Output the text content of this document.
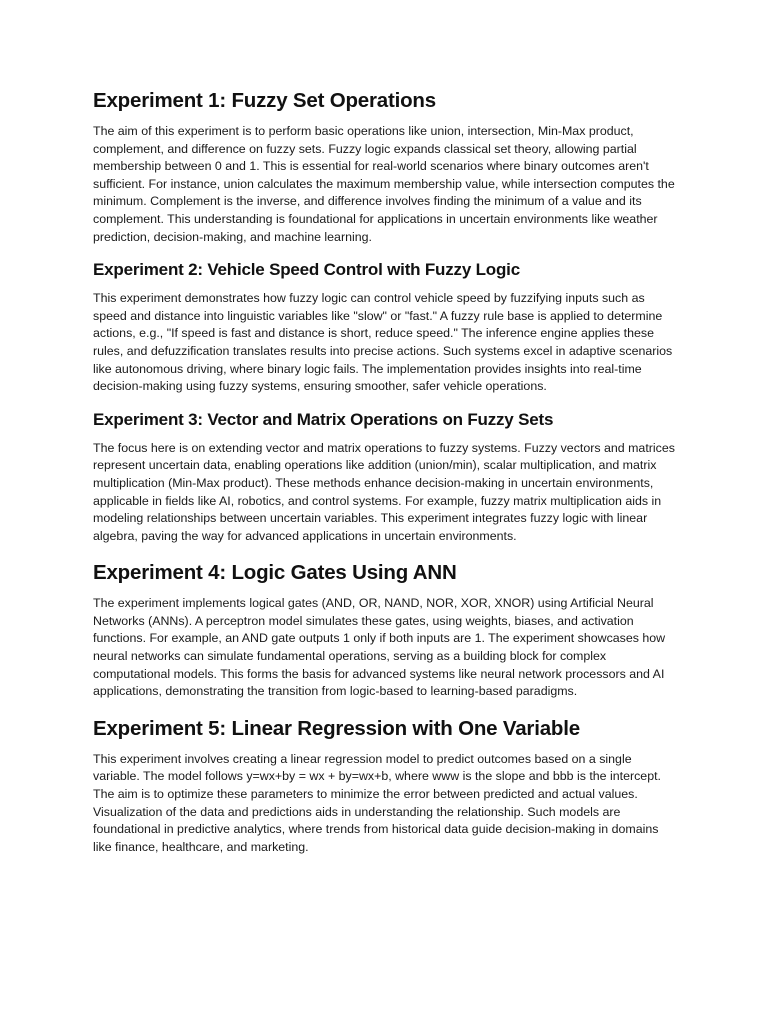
Experiment 1: Fuzzy Set Operations

The aim of this experiment is to perform basic operations like union, intersection, Min-Max product, complement, and difference on fuzzy sets. Fuzzy logic expands classical set theory, allowing partial membership between 0 and 1. This is essential for real-world scenarios where binary outcomes aren't sufficient. For instance, union calculates the maximum membership value, while intersection computes the minimum. Complement is the inverse, and difference involves finding the minimum of a value and its complement. This understanding is foundational for applications in uncertain environments like weather prediction, decision-making, and machine learning.

Experiment 2: Vehicle Speed Control with Fuzzy Logic

This experiment demonstrates how fuzzy logic can control vehicle speed by fuzzifying inputs such as speed and distance into linguistic variables like "slow" or "fast." A fuzzy rule base is applied to determine actions, e.g., "If speed is fast and distance is short, reduce speed." The inference engine applies these rules, and defuzzification translates results into precise actions. Such systems excel in adaptive scenarios like autonomous driving, where binary logic fails. The implementation provides insights into real-time decision-making using fuzzy systems, ensuring smoother, safer vehicle operations.

Experiment 3: Vector and Matrix Operations on Fuzzy Sets

The focus here is on extending vector and matrix operations to fuzzy systems. Fuzzy vectors and matrices represent uncertain data, enabling operations like addition (union/min), scalar multiplication, and matrix multiplication (Min-Max product). These methods enhance decision-making in uncertain environments, applicable in fields like AI, robotics, and control systems. For example, fuzzy matrix multiplication aids in modeling relationships between uncertain variables. This experiment integrates fuzzy logic with linear algebra, paving the way for advanced applications in uncertain environments.

Experiment 4: Logic Gates Using ANN

The experiment implements logical gates (AND, OR, NAND, NOR, XOR, XNOR) using Artificial Neural Networks (ANNs). A perceptron model simulates these gates, using weights, biases, and activation functions. For example, an AND gate outputs 1 only if both inputs are 1. The experiment showcases how neural networks can simulate fundamental operations, serving as a building block for complex computational models. This forms the basis for advanced systems like neural network processors and AI applications, demonstrating the transition from logic-based to learning-based paradigms.

Experiment 5: Linear Regression with One Variable

This experiment involves creating a linear regression model to predict outcomes based on a single variable. The model follows y=wx+by = wx + by=wx+b, where www is the slope and bbb is the intercept. The aim is to optimize these parameters to minimize the error between predicted and actual values. Visualization of the data and predictions aids in understanding the relationship. Such models are foundational in predictive analytics, where trends from historical data guide decision-making in domains like finance, healthcare, and marketing.
